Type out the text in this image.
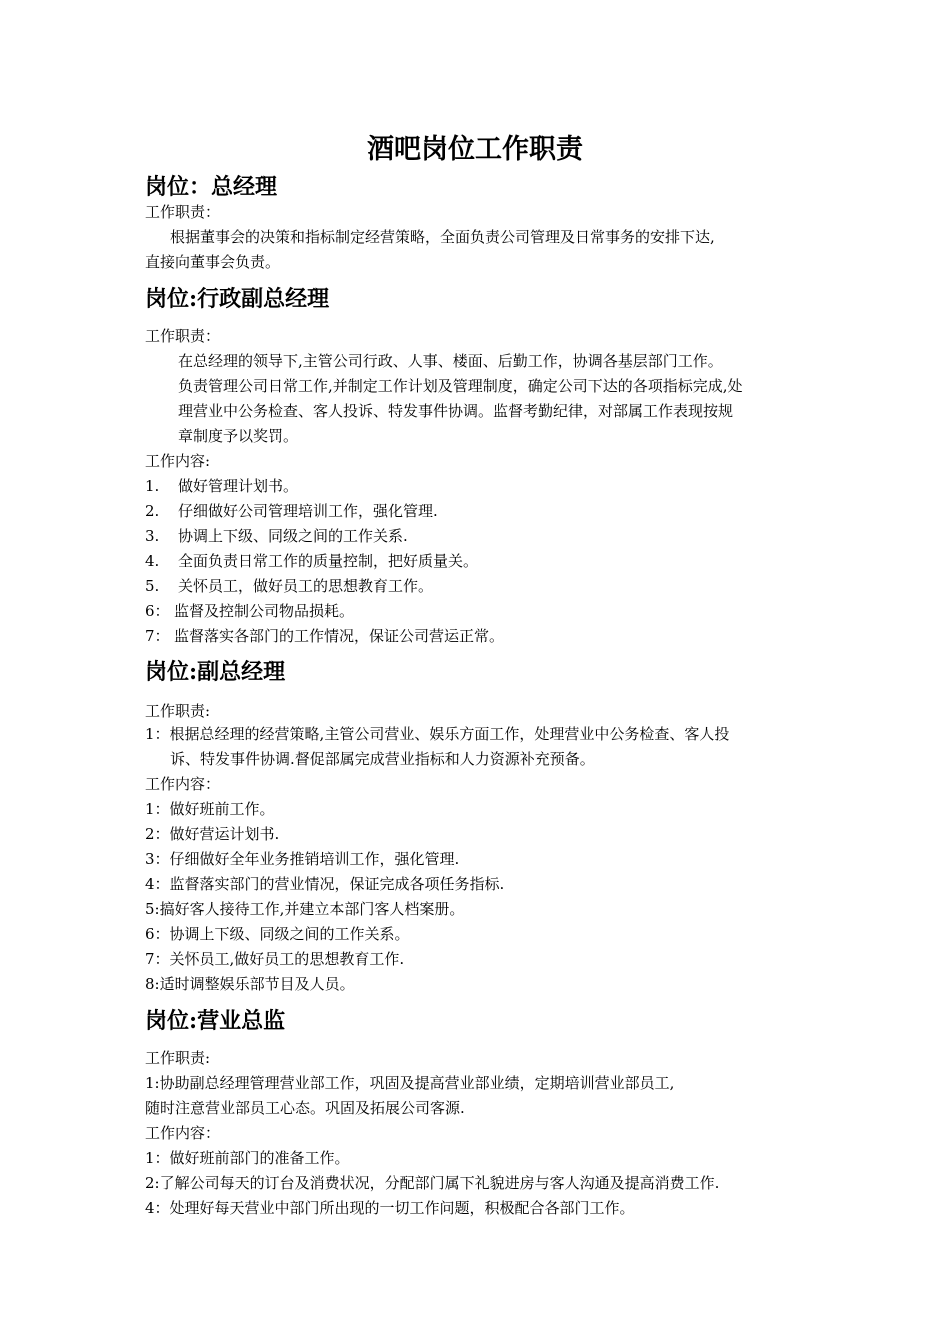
酒吧岗位工作职责
岗位：总经理

工作职责：

根据董事会的决策和指标制定经营策略，全面负责公司管理及日常事务的安排下达,

直接向董事会负责。

岗位:行政副总经理

工作职责：

在总经理的领导下,主管公司行政、人事、楼面、后勤工作，协调各基层部门工作。

负责管理公司日常工作,并制定工作计划及管理制度，确定公司下达的各项指标完成,处

理营业中公务检查、客人投诉、特发事件协调。监督考勤纪律，对部属工作表现按规

章制度予以奖罚。

工作内容:

1. 做好管理计划书。
2. 仔细做好公司管理培训工作，强化管理.
3. 协调上下级、同级之间的工作关系.
4. 全面负责日常工作的质量控制，把好质量关。
5. 关怀员工，做好员工的思想教育工作。
6： 监督及控制公司物品损耗。
7： 监督落实各部门的工作情况，保证公司营运正常。
岗位:副总经理

工作职责:

1：根据总经理的经营策略,主管公司营业、娱乐方面工作，处理营业中公务检查、客人投

诉、特发事件协调.督促部属完成营业指标和人力资源补充预备。

工作内容：

1：做好班前工作。

2：做好营运计划书.

3：仔细做好全年业务推销培训工作，强化管理.

4：监督落实部门的营业情况，保证完成各项任务指标.

5:搞好客人接待工作,并建立本部门客人档案册。

6：协调上下级、同级之间的工作关系。

7：关怀员工,做好员工的思想教育工作.

8:适时调整娱乐部节目及人员。

岗位:营业总监

工作职责:

1:协助副总经理管理营业部工作，巩固及提高营业部业绩，定期培训营业部员工,

随时注意营业部员工心态。巩固及拓展公司客源.

工作内容：

1：做好班前部门的准备工作。

2:了解公司每天的订台及消费状况，分配部门属下礼貌进房与客人沟通及提高消费工作.

4：处理好每天营业中部门所出现的一切工作问题，积极配合各部门工作。
